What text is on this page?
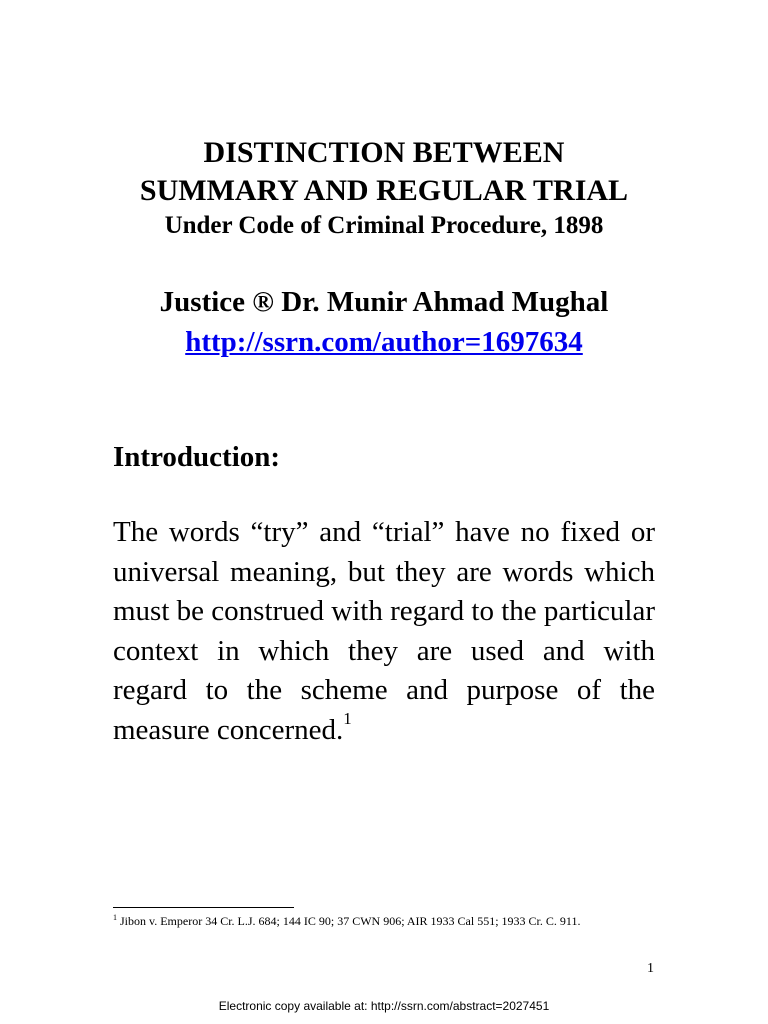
DISTINCTION BETWEEN

SUMMARY AND REGULAR TRIAL

Under Code of Criminal Procedure, 1898

Justice ® Dr. Munir Ahmad Mughal

http://ssrn.com/author=1697634
Introduction:

The words “try” and “trial” have no fixed or universal meaning, but they are words which must be construed with regard to the particular context in which they are used and with regard to the scheme and purpose of the measure concerned.$^1$

$^1$ Jibon v. Emperor 34 Cr. L.J. 684; 144 IC 90; 37 CWN 906; AIR 1933 Cal 551; 1933 Cr. C. 911.

1
Electronic copy available at: http://ssrn.com/abstract=2027451
